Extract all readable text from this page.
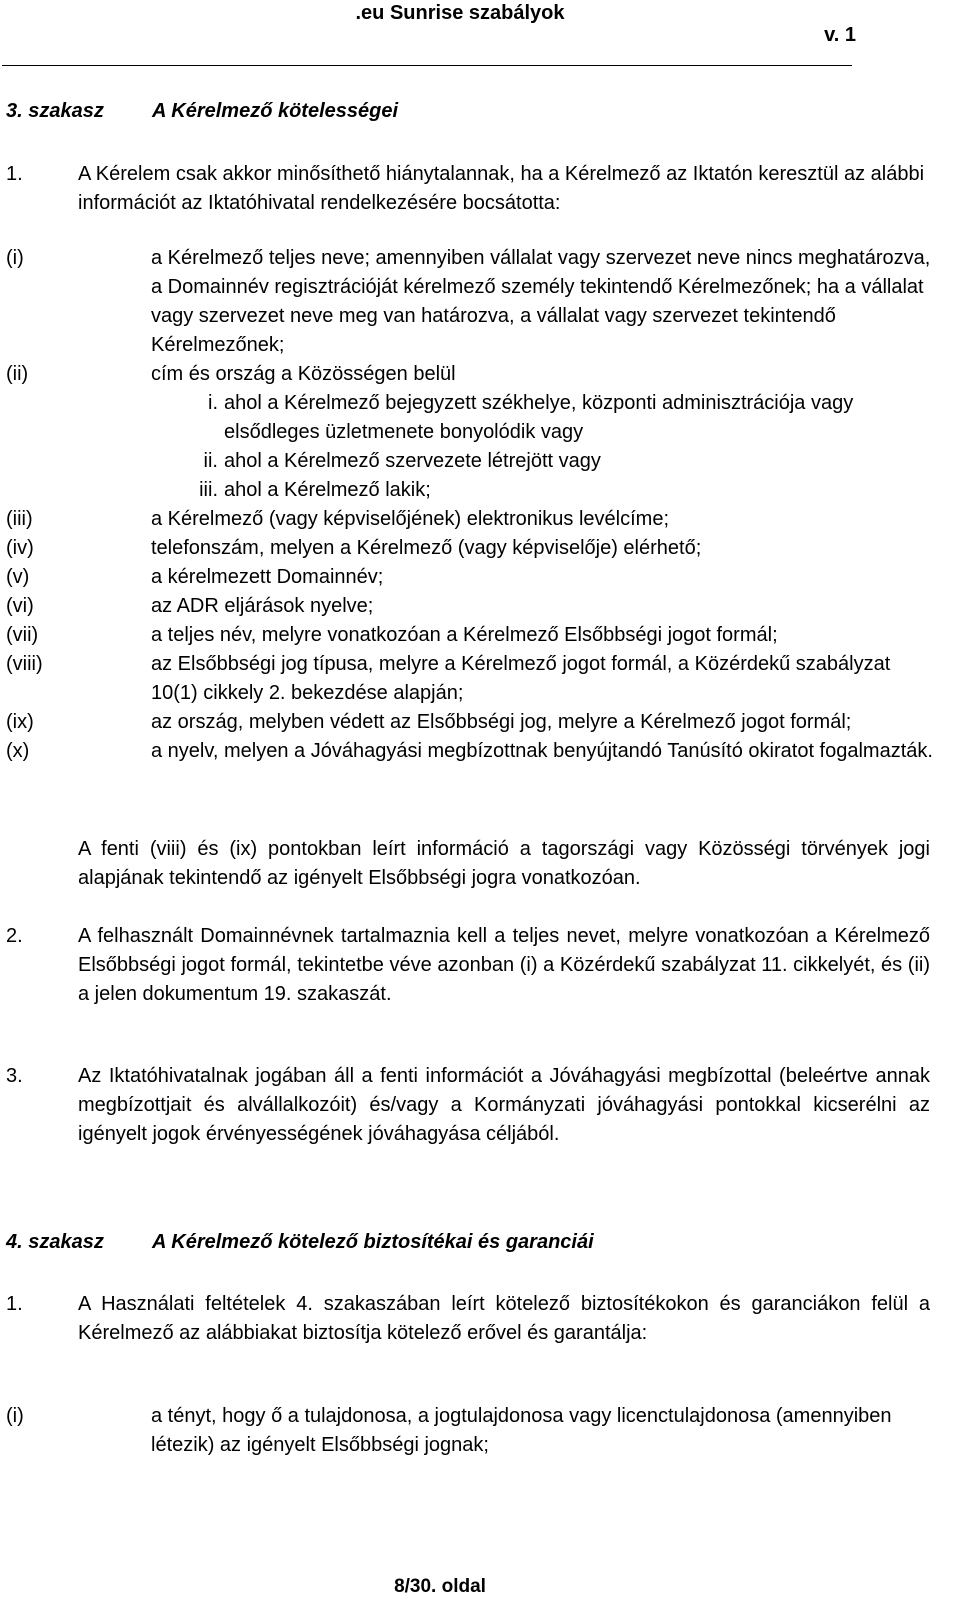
.eu Sunrise szabályok
v. 1
3. szakasz A Kérelmező kötelességei
1.	A Kérelem csak akkor minősíthető hiánytalannak, ha a Kérelmező az Iktatón keresztül az alábbi információt az Iktatóhivatal rendelkezésére bocsátotta:
(i)	a Kérelmező teljes neve; amennyiben vállalat vagy szervezet neve nincs meghatározva, a Domainnév regisztrációját kérelmező személy tekintendő Kérelmezőnek; ha a vállalat vagy szervezet neve meg van határozva, a vállalat vagy szervezet tekintendő Kérelmezőnek;
(ii)	cím és ország a Közösségen belül
i. ahol a Kérelmező bejegyzett székhelye, központi adminisztrációja vagy elsődleges üzletmenete bonyolódik vagy
ii. ahol a Kérelmező szervezete létrejött vagy
iii. ahol a Kérelmező lakik;
(iii)	a Kérelmező (vagy képviselőjének) elektronikus levélcíme;
(iv)	telefonszám, melyen a Kérelmező (vagy képviselője) elérhető;
(v)	a kérelmezett Domainnév;
(vi)	az ADR eljárások nyelve;
(vii)	a teljes név, melyre vonatkozóan a Kérelmező Elsőbbségi jogot formál;
(viii)	az Elsőbbségi jog típusa, melyre a Kérelmező jogot formál, a Közérdekű szabályzat 10(1) cikkely 2. bekezdése alapján;
(ix)	az ország, melyben védett az Elsőbbségi jog, melyre a Kérelmező jogot formál;
(x)	a nyelv, melyen a Jóváhagyási megbízottnak benyújtandó Tanúsító okiratot fogalmazták.
A fenti (viii) és (ix) pontokban leírt információ a tagországi vagy Közösségi törvények jogi alapjának tekintendő az igényelt Elsőbbségi jogra vonatkozóan.
2.	A felhasznált Domainnévnek tartalmaznia kell a teljes nevet, melyre vonatkozóan a Kérelmező Elsőbbségi jogot formál, tekintetbe véve azonban (i) a Közérdekű szabályzat 11. cikkelyét, és (ii) a jelen dokumentum 19. szakaszát.
3.	Az Iktatóhivatalnak jogában áll a fenti információt a Jóváhagyási megbízottal (beleértve annak megbízottjait és alvállalkozóit) és/vagy a Kormányzati jóváhagyási pontokkal kicserélni az igényelt jogok érvényességének jóváhagyása céljából.
4. szakasz A Kérelmező kötelező biztosítékai és garanciái
1.	A Használati feltételek 4. szakaszában leírt kötelező biztosítékokon és garanciákon felül a Kérelmező az alábbiakat biztosítja kötelező erővel és garantálja:
(i)	a tényt, hogy ő a tulajdonosa, a jogtulajdonosa vagy licenctulajdonosa (amennyiben létezik) az igényelt Elsőbbségi jognak;
8/30. oldal
